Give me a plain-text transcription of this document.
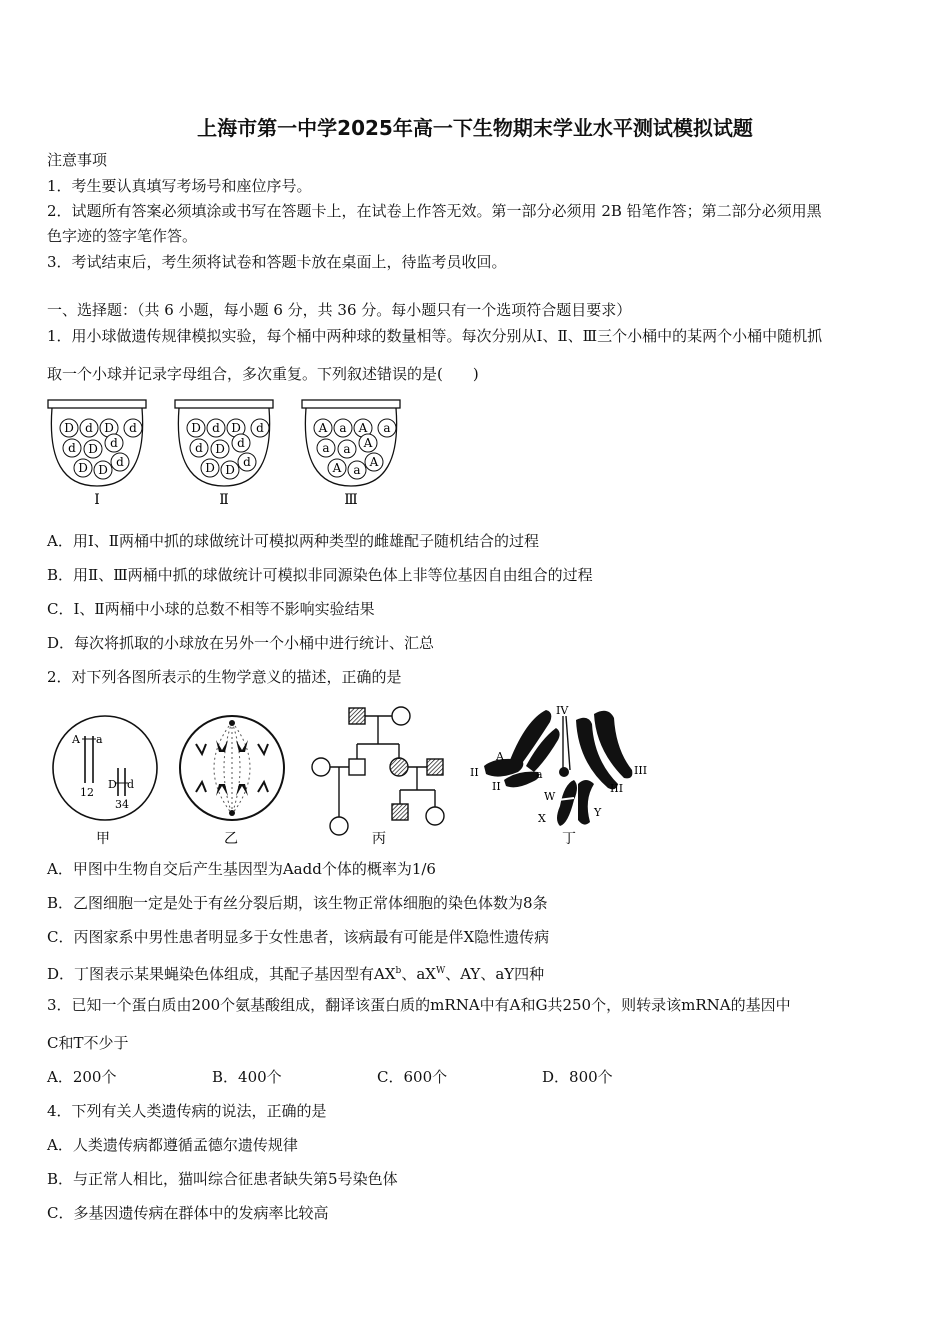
上海市第一中学2025年高一下生物期末学业水平测试模拟试题
注意事项
1．考生要认真填写考场号和座位序号。
2．试题所有答案必须填涂或书写在答题卡上，在试卷上作答无效。第一部分必须用 2B 铅笔作答；第二部分必须用黑
色字迹的签字笔作答。
3．考试结束后，考生须将试卷和答题卡放在桌面上，待监考员收回。
一、选择题：（共 6 小题，每小题 6 分，共 36 分。每小题只有一个选项符合题目要求）
1．用小球做遗传规律模拟实验，每个桶中两种球的数量相等。每次分别从Ⅰ、Ⅱ、Ⅲ三个小桶中的某两个小桶中随机抓
取一个小球并记录字母组合，多次重复。下列叙述错误的是(　　)
D d D d
d D d
D D
d
Ⅰ
D d D d
d D d
D D
d
Ⅱ
A a A a
a a A
A a
A
Ⅲ
A．用Ⅰ、Ⅱ两桶中抓的球做统计可模拟两种类型的雌雄配子随机结合的过程
B．用Ⅱ、Ⅲ两桶中抓的球做统计可模拟非同源染色体上非等位基因自由组合的过程
C．Ⅰ、Ⅱ两桶中小球的总数不相等不影响实验结果
D．每次将抓取的小球放在另外一个小桶中进行统计、汇总
2．对下列各图所表示的生物学意义的描述，正确的是
A a
12
D d
34
甲	乙	丙
IV
A
a
II
II
III
III
W
X	Y
丁
A．甲图中生物自交后产生基因型为Aadd个体的概率为1/6
B．乙图细胞一定是处于有丝分裂后期，该生物正常体细胞的染色体数为8条
C．丙图家系中男性患者明显多于女性患者，该病最有可能是伴X隐性遗传病
D．丁图表示某果蝇染色体组成，其配子基因型有$AX^b$、$aX^W$、AY、aY四种
3．已知一个蛋白质由200个氨基酸组成，翻译该蛋白质的mRNA中有A和G共250个，则转录该mRNA的基因中
C和T不少于
A．200个	B．400个	C．600个	D．800个
4．下列有关人类遗传病的说法，正确的是
A．人类遗传病都遵循孟德尔遗传规律
B．与正常人相比，猫叫综合征患者缺失第5号染色体
C．多基因遗传病在群体中的发病率比较高
